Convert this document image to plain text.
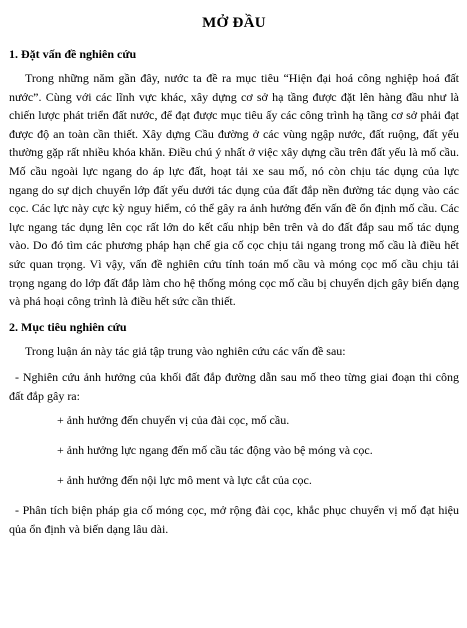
MỞ ĐẦU
1. Đặt vấn đề nghiên cứu

Trong những năm gần đây, nước ta đề ra mục tiêu “Hiện đại hoá công nghiệp hoá đất nước”. Cùng với các lĩnh vực khác, xây dựng cơ sở hạ tầng được đặt lên hàng đầu như là chiến lược phát triển đất nước, để đạt được mục tiêu ấy các công trình hạ tầng cơ sở phải đạt được độ an toàn cần thiết. Xây dựng Cầu đường ở các vùng ngập nước, đất ruộng, đất yếu thường gặp rất nhiều khóa khăn. Điều chú ý nhất ở việc xây dựng cầu trên đất yếu là mố cầu. Mố cầu ngoài lực ngang do áp lực đất, hoạt tải xe sau mố, nó còn chịu tác dụng của lực ngang do sự dịch chuyển lớp đất yếu dưới tác dụng của đất đắp nền đường tác dụng vào các cọc. Các lực này cực kỳ nguy hiểm, có thể gây ra ảnh hưởng đến vấn đề ổn định mố cầu. Các lực ngang tác dụng lên cọc rất lớn do kết cấu nhịp bên trên và do đất đắp sau mố tác dụng vào. Do đó tìm các phương pháp hạn chế gia cố cọc chịu tải ngang trong mố cầu là điều hết sức quan trọng. Vì vậy, vấn đề nghiên cứu tính toán mố cầu và móng cọc mố cầu chịu tải trọng ngang do lớp đất đắp làm cho hệ thống móng cọc mố cầu bị chuyển dịch gây biến dạng và phá hoại công trình là điều hết sức cần thiết.

2. Mục tiêu nghiên cứu

Trong luận án này tác giả tập trung vào nghiên cứu các vấn đề sau:

- Nghiên cứu ảnh hưởng của khối đất đắp đường dẫn sau mố theo từng giai đoạn thi công đất đắp gây ra:

+ ảnh hưởng đến chuyển vị của đài cọc, mố cầu.

+ ảnh hưởng lực ngang đến mố cầu tác động vào bệ móng và cọc.

+ ảnh hưởng đến nội lực mô ment và lực cắt của cọc.

- Phân tích biện pháp gia cố móng cọc, mở rộng đài cọc, khắc phục chuyển vị mố đạt hiệu qủa ổn định và biến dạng lâu dài.
